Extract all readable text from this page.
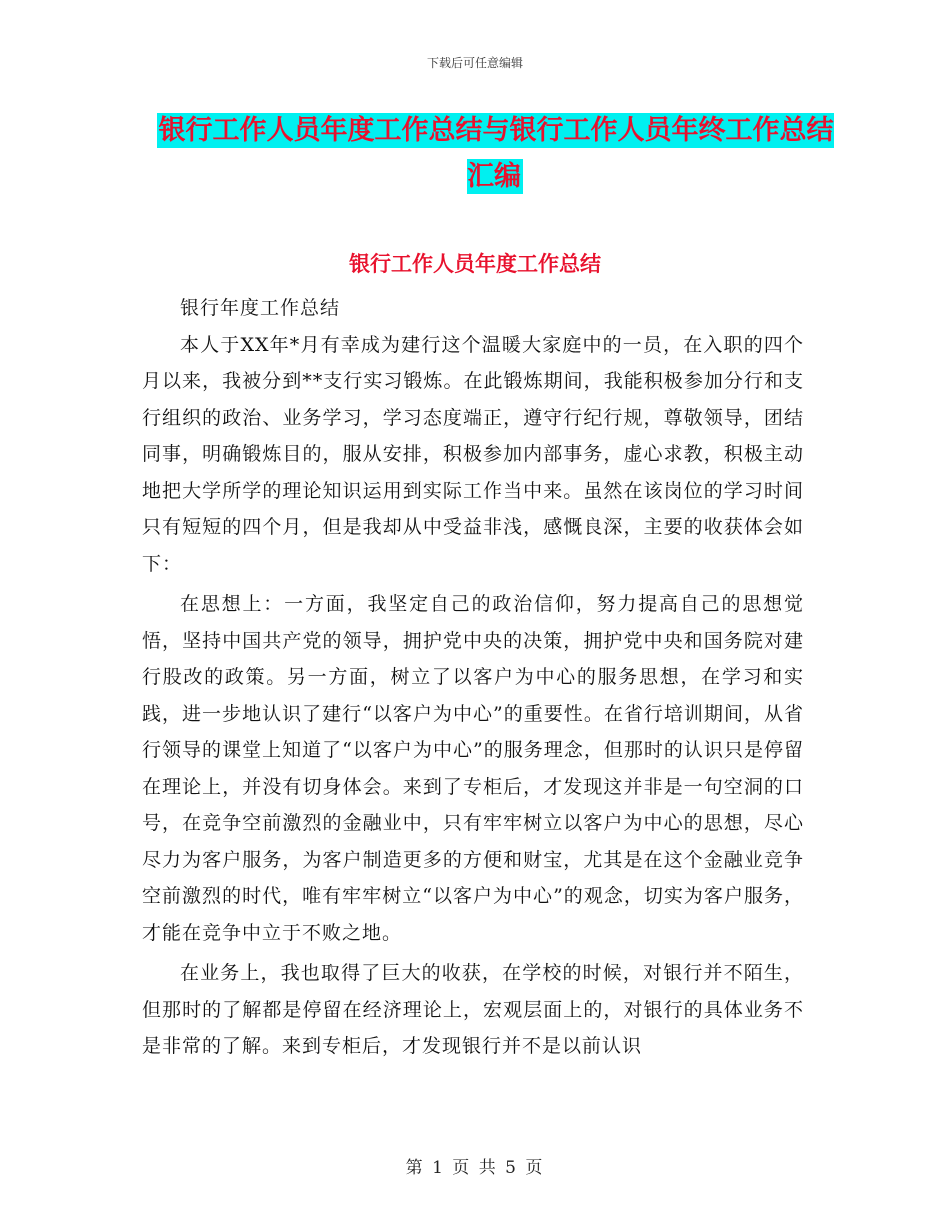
下载后可任意编辑
银行工作人员年度工作总结与银行工作人员年终工作总结汇编
银行工作人员年度工作总结

银行年度工作总结

本人于XX年*月有幸成为建行这个温暖大家庭中的一员，在入职的四个月以来，我被分到**支行实习锻炼。在此锻炼期间，我能积极参加分行和支行组织的政治、业务学习，学习态度端正，遵守行纪行规，尊敬领导，团结同事，明确锻炼目的，服从安排，积极参加内部事务，虚心求教，积极主动地把大学所学的理论知识运用到实际工作当中来。虽然在该岗位的学习时间只有短短的四个月，但是我却从中受益非浅，感慨良深，主要的收获体会如下：

在思想上：一方面，我坚定自己的政治信仰，努力提高自己的思想觉悟，坚持中国共产党的领导，拥护党中央的决策，拥护党中央和国务院对建行股改的政策。另一方面，树立了以客户为中心的服务思想，在学习和实践，进一步地认识了建行“以客户为中心”的重要性。在省行培训期间，从省行领导的课堂上知道了“以客户为中心”的服务理念，但那时的认识只是停留在理论上，并没有切身体会。来到了专柜后，才发现这并非是一句空洞的口号，在竞争空前激烈的金融业中，只有牢牢树立以客户为中心的思想，尽心尽力为客户服务，为客户制造更多的方便和财宝，尤其是在这个金融业竞争空前激烈的时代，唯有牢牢树立“以客户为中心”的观念，切实为客户服务，才能在竞争中立于不败之地。

在业务上，我也取得了巨大的收获，在学校的时候，对银行并不陌生，但那时的了解都是停留在经济理论上，宏观层面上的，对银行的具体业务不是非常的了解。来到专柜后，才发现银行并不是以前认识

第 1 页 共 5 页
